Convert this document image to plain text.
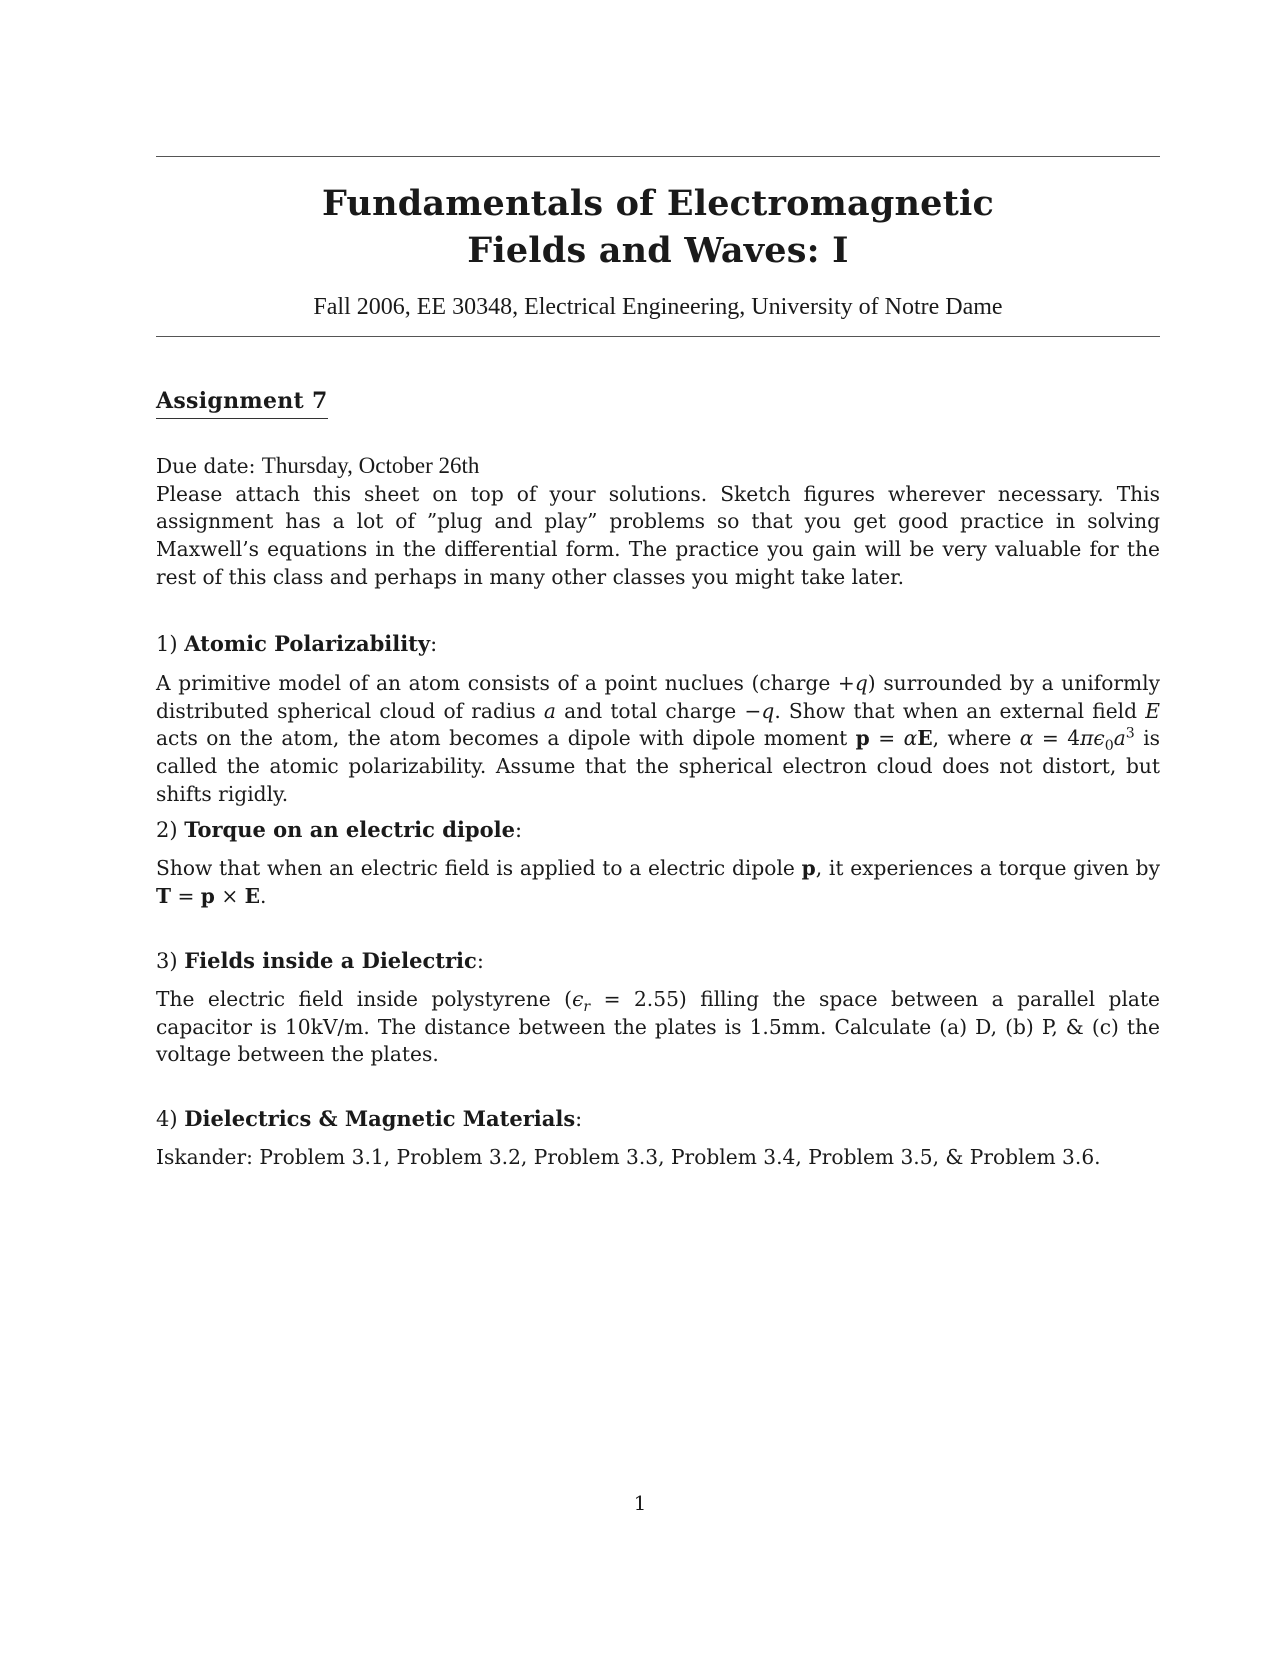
Fundamentals of Electromagnetic
Fields and Waves: I
Fall 2006, EE 30348, Electrical Engineering, University of Notre Dame
Assignment 7
Due date: Thursday, October 26th
Please attach this sheet on top of your solutions. Sketch figures wherever necessary. This assignment has a lot of ”plug and play” problems so that you get good practice in solving Maxwell’s equations in the differential form. The practice you gain will be very valuable for the rest of this class and perhaps in many other classes you might take later.
1) Atomic Polarizability:
A primitive model of an atom consists of a point nuclues (charge +q) surrounded by a uniformly distributed spherical cloud of radius a and total charge −q. Show that when an external field E acts on the atom, the atom becomes a dipole with dipole moment p = αE, where $\alpha = 4\pi\epsilon_0a^3$ is called the atomic polarizability. Assume that the spherical electron cloud does not distort, but shifts rigidly.
2) Torque on an electric dipole:
Show that when an electric field is applied to a electric dipole p, it experiences a torque given by T = p × E.
3) Fields inside a Dielectric:
The electric field inside polystyrene $(\epsilon_r = 2.55)$ filling the space between a parallel plate capacitor is 10kV/m. The distance between the plates is 1.5mm. Calculate (a) D, (b) P, & (c) the voltage between the plates.
4) Dielectrics & Magnetic Materials:
Iskander: Problem 3.1, Problem 3.2, Problem 3.3, Problem 3.4, Problem 3.5, & Problem 3.6.
1
